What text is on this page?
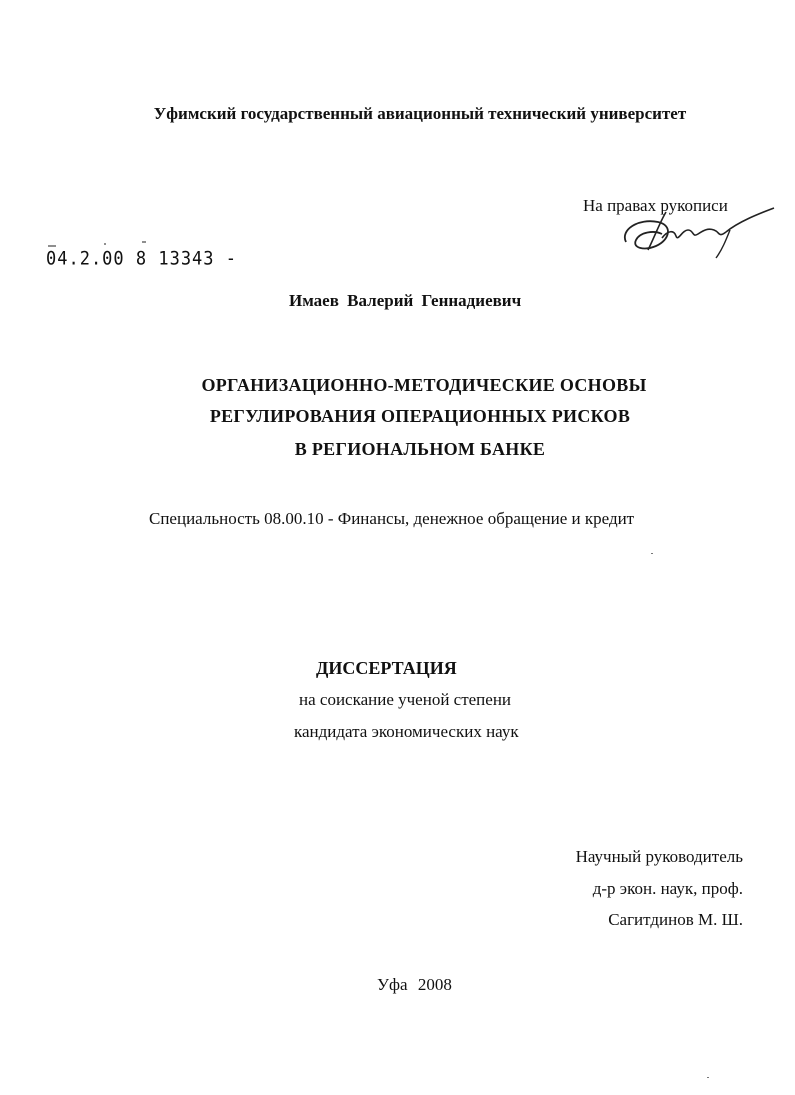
Уфимский государственный авиационный технический университет
На правах рукописи
04.2.00 8 13343 -
Имаев Валерий Геннадиевич
ОРГАНИЗАЦИОННО-МЕТОДИЧЕСКИЕ ОСНОВЫ
РЕГУЛИРОВАНИЯ ОПЕРАЦИОННЫХ РИСКОВ
В РЕГИОНАЛЬНОМ БАНКЕ
Специальность 08.00.10 - Финансы, денежное обращение и кредит
ДИССЕРТАЦИЯ
на соискание ученой степени
кандидата экономических наук
Научный руководитель
д-р экон. наук, проф.
Сагитдинов М. Ш.
Уфа 2008
